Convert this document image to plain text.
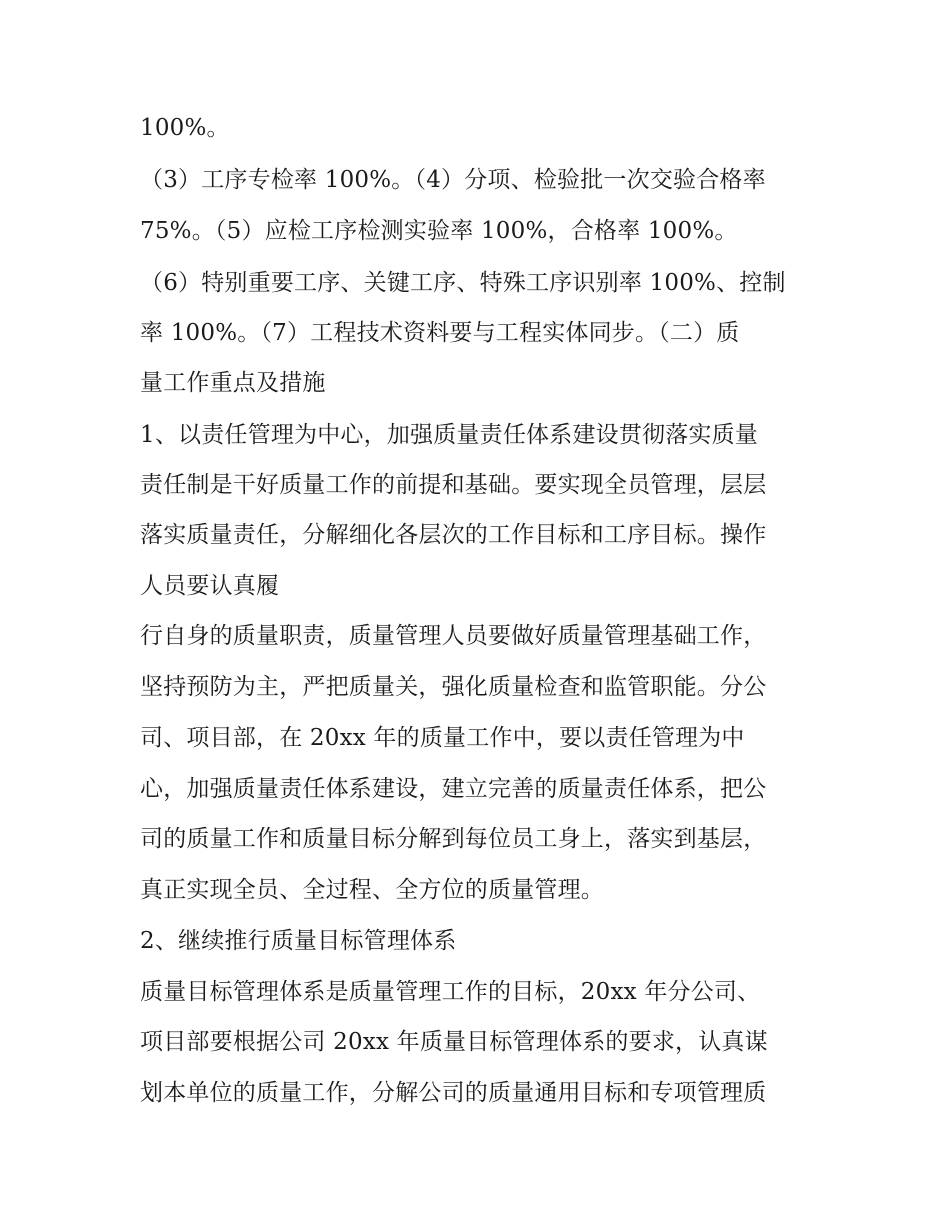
100%。
（3）工序专检率 100%。（4）分项、检验批一次交验合格率
75%。（5）应检工序检测实验率 100%，合格率 100%。
（6）特别重要工序、关键工序、特殊工序识别率 100%、控制
率 100%。（7）工程技术资料要与工程实体同步。（二）质
量工作重点及措施
1、以责任管理为中心，加强质量责任体系建设贯彻落实质量
责任制是干好质量工作的前提和基础。要实现全员管理，层层
落实质量责任，分解细化各层次的工作目标和工序目标。操作
人员要认真履
行自身的质量职责，质量管理人员要做好质量管理基础工作，
坚持预防为主，严把质量关，强化质量检查和监管职能。分公
司、项目部，在 20xx 年的质量工作中，要以责任管理为中
心，加强质量责任体系建设，建立完善的质量责任体系，把公
司的质量工作和质量目标分解到每位员工身上，落实到基层，
真正实现全员、全过程、全方位的质量管理。
2、继续推行质量目标管理体系
质量目标管理体系是质量管理工作的目标，20xx 年分公司、
项目部要根据公司 20xx 年质量目标管理体系的要求，认真谋
划本单位的质量工作，分解公司的质量通用目标和专项管理质
